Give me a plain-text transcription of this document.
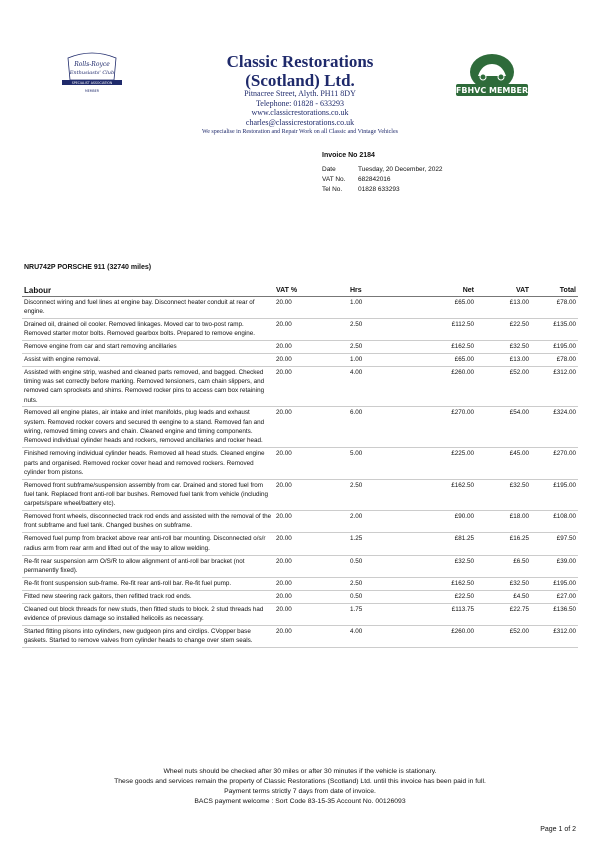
Rolls-Royce
Enthusiasts' Club
SPECIALIST ASSOCIATION
MEMBER
Classic Restorations
(Scotland) Ltd.
Pitnacree Street, Alyth. PH11 8DY
Telephone: 01828 - 633293
www.classicrestorations.co.uk
charles@classicrestorations.co.uk
FBHVC MEMBER
We specialise in Restoration and Repair Work on all Classic and Vintage Vehicles
Invoice No 2184
Date	Tuesday, 20 December, 2022
VAT No.	682842016
Tel No.	01828 633293
NRU742P PORSCHE 911 (32740 miles)
Labour	VAT %	Hrs	Net	VAT	Total
Disconnect wiring and fuel lines at engine bay. Disconnect heater conduit at rear of engine.	20.00	1.00	£65.00	£13.00	£78.00
Drained oil, drained oil cooler. Removed linkages. Moved car to two-post ramp. Removed starter motor bolts. Removed gearbox bolts. Prepared to remove engine.	20.00	2.50	£112.50	£22.50	£135.00
Remove engine from car and start removing ancillaries	20.00	2.50	£162.50	£32.50	£195.00
Assist with engine removal.	20.00	1.00	£65.00	£13.00	£78.00
Assisted with engine strip, washed and cleaned parts removed, and bagged. Checked timing was set correctly before marking. Removed tensioners, cam chain slippers, and removed cam sprockets and shims. Removed rocker pins to access cam box retaining nuts.	20.00	4.00	£260.00	£52.00	£312.00
Removed all engine plates, air intake and inlet manifolds, plug leads and exhaust system. Removed rocker covers and secured th eengine to a stand. Removed fan and wiring, removed timing covers and chain. Cleaned engine and timing components. Removed individual cylinder heads and rockers, removed ancillaries and rocker head.	20.00	6.00	£270.00	£54.00	£324.00
Finished removing individual cylinder heads. Removed all head studs. Cleaned engine parts and organised. Removed rocker cover head and removed rockers. Removed cylinder from pistons.	20.00	5.00	£225.00	£45.00	£270.00
Removed front subframe/suspension assembly from car. Drained and stored fuel from fuel tank. Replaced front anti-roll bar bushes. Removed fuel tank from vehicle (including carpets/spare wheel/battery etc).	20.00	2.50	£162.50	£32.50	£195.00
Removed front wheels, disconnected track rod ends and assisted with the removal of the front subframe and fuel tank. Changed bushes on subframe.	20.00	2.00	£90.00	£18.00	£108.00
Removed fuel pump from bracket above rear anti-roll bar mounting. Disconnected o/s/r radius arm from rear arm and lifted out of the way to allow welding.	20.00	1.25	£81.25	£16.25	£97.50
Re-fit rear suspension arm O/S/R to allow alignment of anti-roll bar bracket (not permanently fixed).	20.00	0.50	£32.50	£6.50	£39.00
Re-fit front suspension sub-frame. Re-fit rear anti-roll bar. Re-fit fuel pump.	20.00	2.50	£162.50	£32.50	£195.00
Fitted new steering rack gaitors, then refitted track rod ends.	20.00	0.50	£22.50	£4.50	£27.00
Cleaned out block threads for new studs, then fitted studs to block. 2 stud threads had evidence of previous damage so installed helicoils as necessary.	20.00	1.75	£113.75	£22.75	£136.50
Started fitting pisons into cylinders, new gudgeon pins and circlips. CVopper base gaskets. Started to remove valves from cylinder heads to change over stem seals.	20.00	4.00	£260.00	£52.00	£312.00
Wheel nuts should be checked after 30 miles or after 30 minutes if the vehicle is stationary.
These goods and services remain the property of Classic Restorations (Scotland) Ltd. until this invoice has been paid in full.
Payment terms strictly 7 days from date of invoice.
BACS payment welcome : Sort Code 83-15-35 Account No. 00126093
Page 1 of 2
